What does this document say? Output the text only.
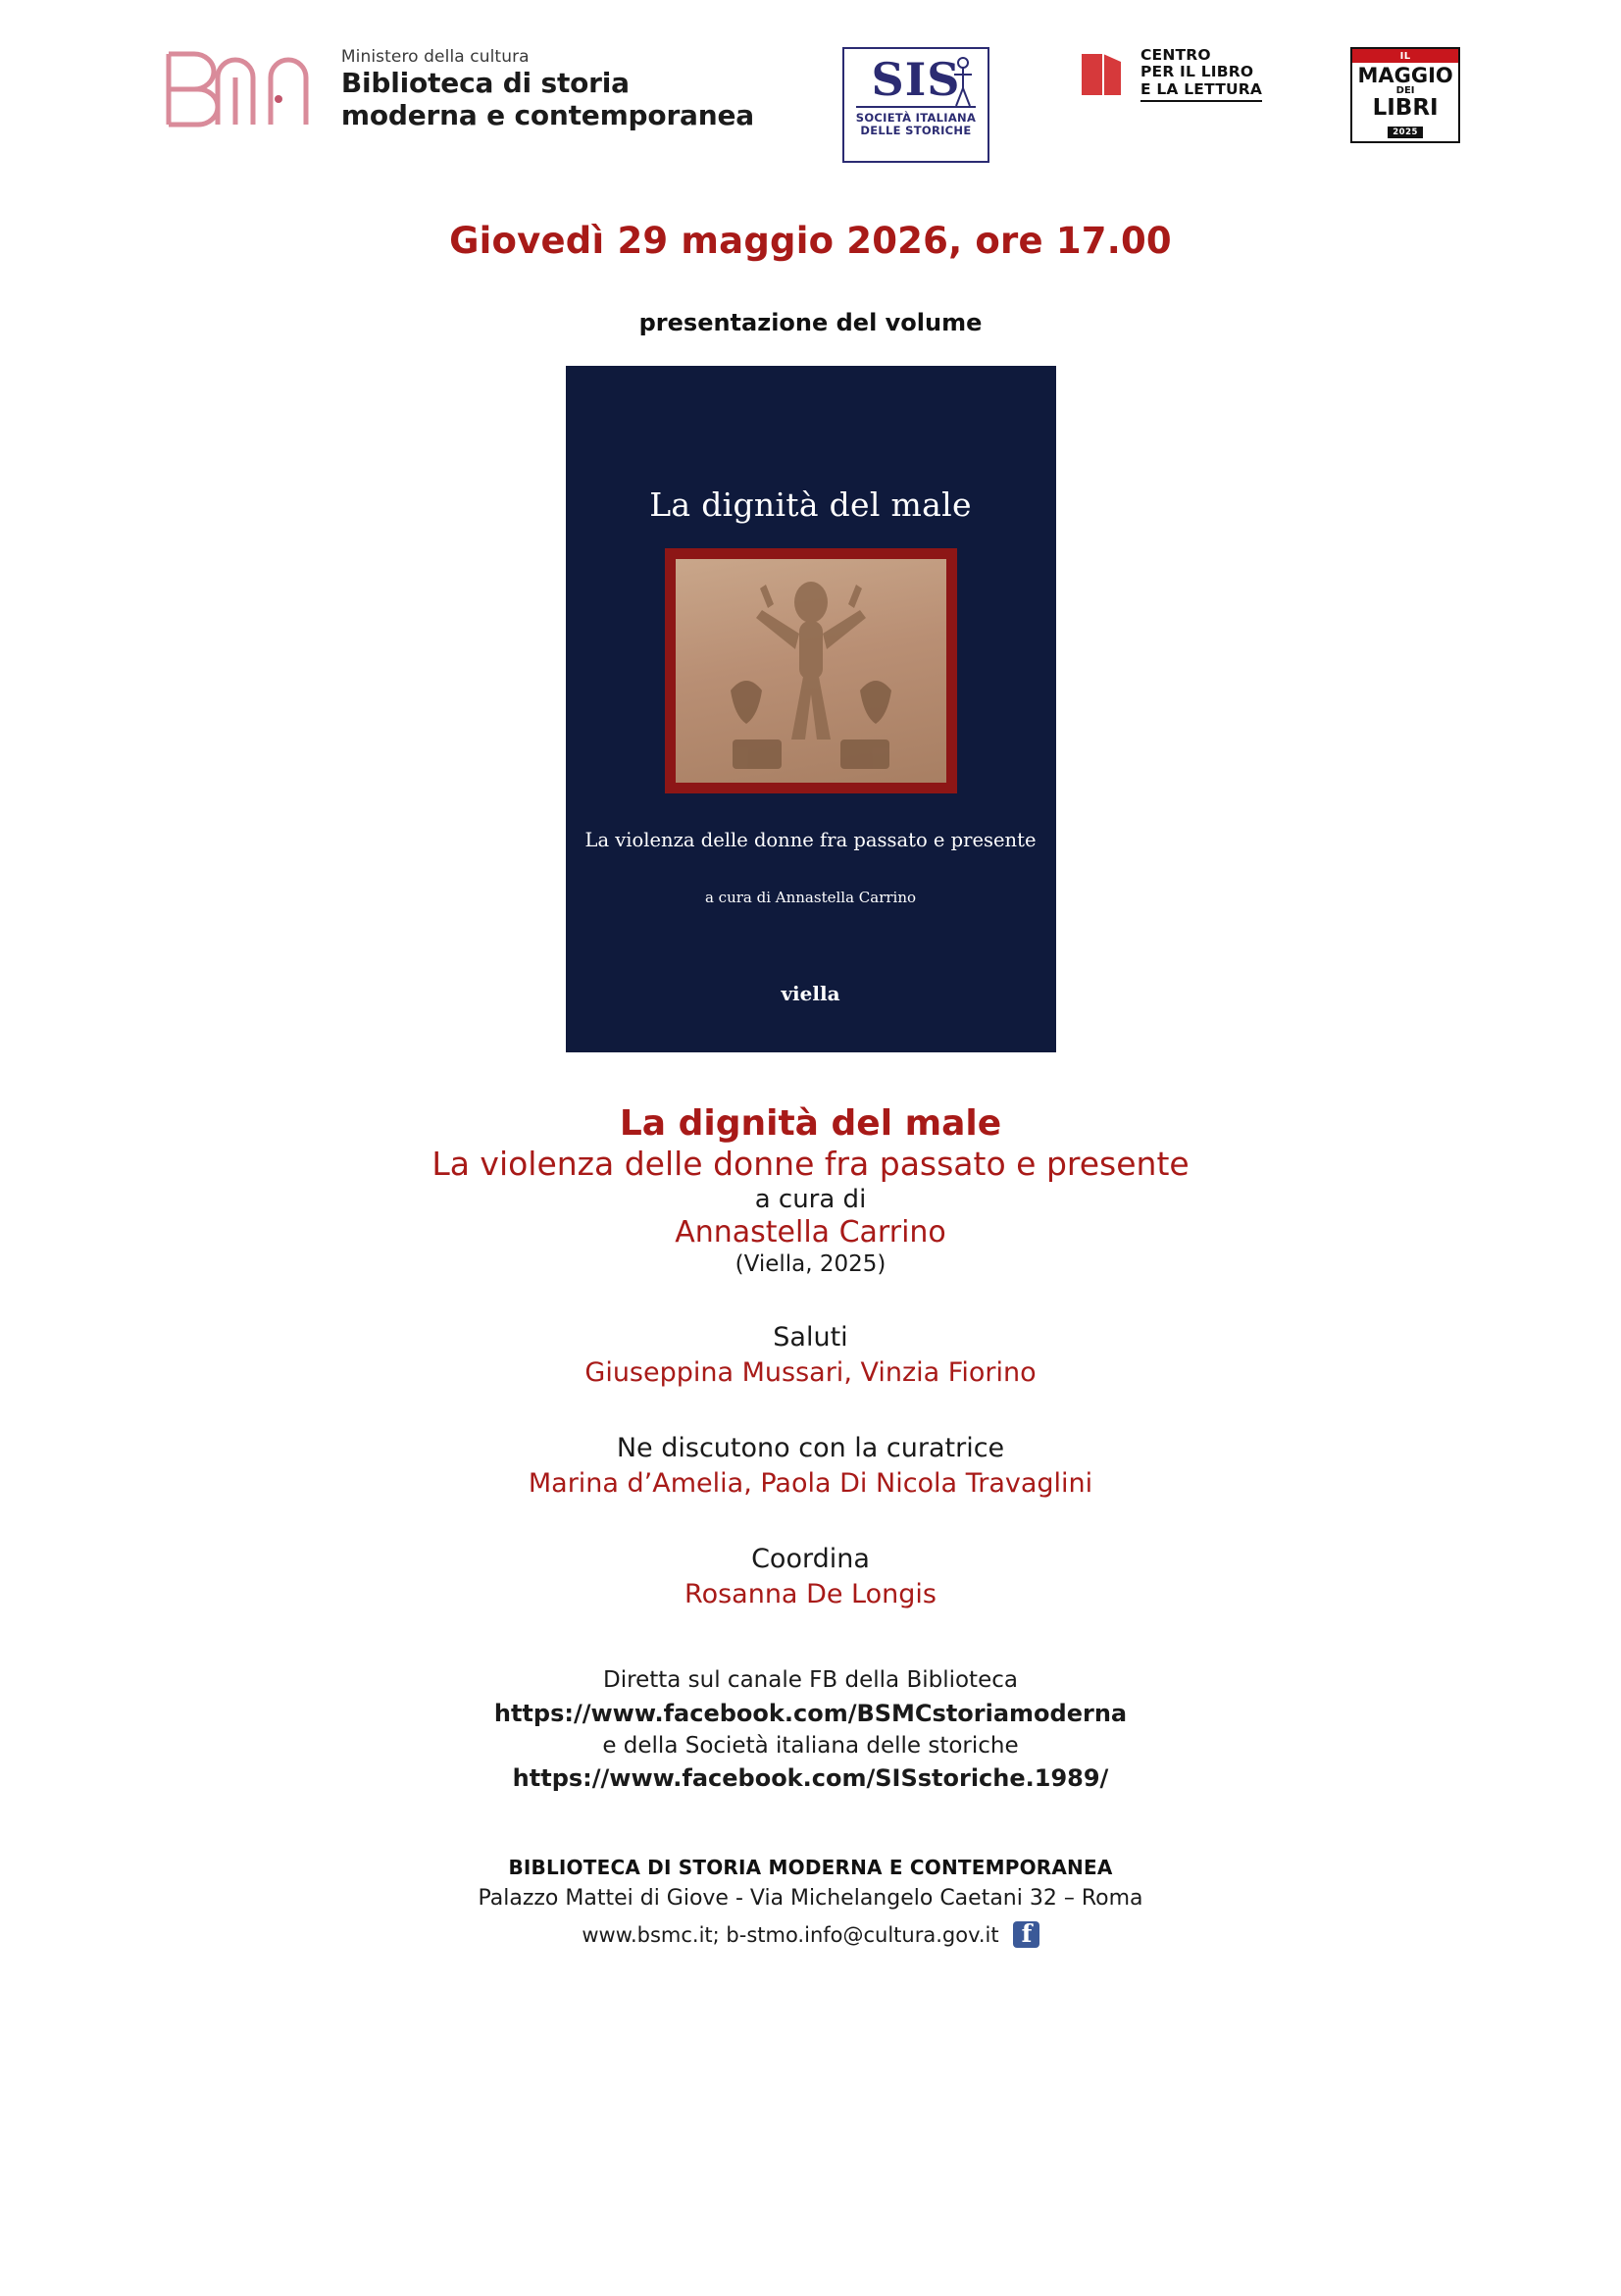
Ministero della cultura
Biblioteca di storia
moderna e contemporanea
SIS
SOCIETÀ ITALIANA
DELLE STORICHE
CENTRO
PER IL LIBRO
E LA LETTURA
IL
MAGGIO
DEI
LIBRI
2025
Giovedì 29 maggio 2026, ore 17.00
presentazione del volume
La dignità del male
La violenza delle donne fra passato e presente
a cura di Annastella Carrino
viella
La dignità del male
La violenza delle donne fra passato e presente
a cura di
Annastella Carrino
(Viella, 2025)
Saluti
Giuseppina Mussari, Vinzia Fiorino
Ne discutono con la curatrice
Marina d’Amelia, Paola Di Nicola Travaglini
Coordina
Rosanna De Longis
Diretta sul canale FB della Biblioteca
https://www.facebook.com/BSMCstoriamoderna
e della Società italiana delle storiche
https://www.facebook.com/SISstoriche.1989/
BIBLIOTECA DI STORIA MODERNA E CONTEMPORANEA
Palazzo Mattei di Giove - Via Michelangelo Caetani 32 – Roma
www.bsmc.it; b-stmo.info@cultura.gov.it
f
